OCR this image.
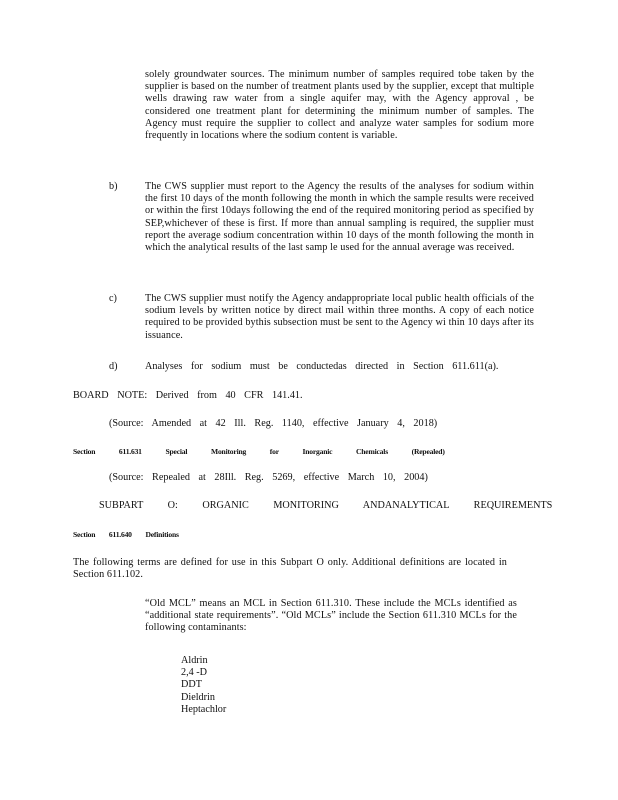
solely groundwater sources. The minimum number of samples required tobe taken by the supplier is based on the number of treatment plants used by the supplier, except that multiple wells drawing raw water from a single aquifer may, with the Agency approval , be considered one treatment plant for determining the minimum number of samples. The Agency must require the supplier to collect and analyze water samples for sodium more frequently in locations where the sodium content is variable.
b)	The CWS supplier must report to the Agency the results of the analyses for sodium within the first 10 days of the month following the month in which the sample results were received or within the first 10days following the end of the required monitoring period as specified by SEP,whichever of these is first. If more than annual sampling is required, the supplier must report the average sodium concentration within 10 days of the month following the month in which the analytical results of the last samp le used for the annual average was received.
c)	The CWS supplier must notify the Agency andappropriate local public health officials of the sodium levels by written notice by direct mail within three months. A copy of each notice required to be provided bythis subsection must be sent to the Agency wi thin 10 days after its issuance.
d)	Analyses for sodium must be conductedas directed in Section 611.611(a).
BOARD NOTE: Derived from 40 CFR 141.41.
(Source: Amended at 42 Ill. Reg. 1140, effective January 4, 2018)
Section 611.631 Special Monitoring for Inorganic Chemicals (Repealed)
(Source: Repealed at 28Ill. Reg. 5269, effective March 10, 2004)
SUBPART O: ORGANIC MONITORING ANDANALYTICAL REQUIREMENTS
Section 611.640 Definitions
The following terms are defined for use in this Subpart O only. Additional definitions are located in Section 611.102.
“Old MCL” means an MCL in Section 611.310. These include the MCLs identified as “additional state requirements”. “Old MCLs” include the Section 611.310 MCLs for the following contaminants:
Aldrin
2,4 -D
DDT
Dieldrin
Heptachlor
